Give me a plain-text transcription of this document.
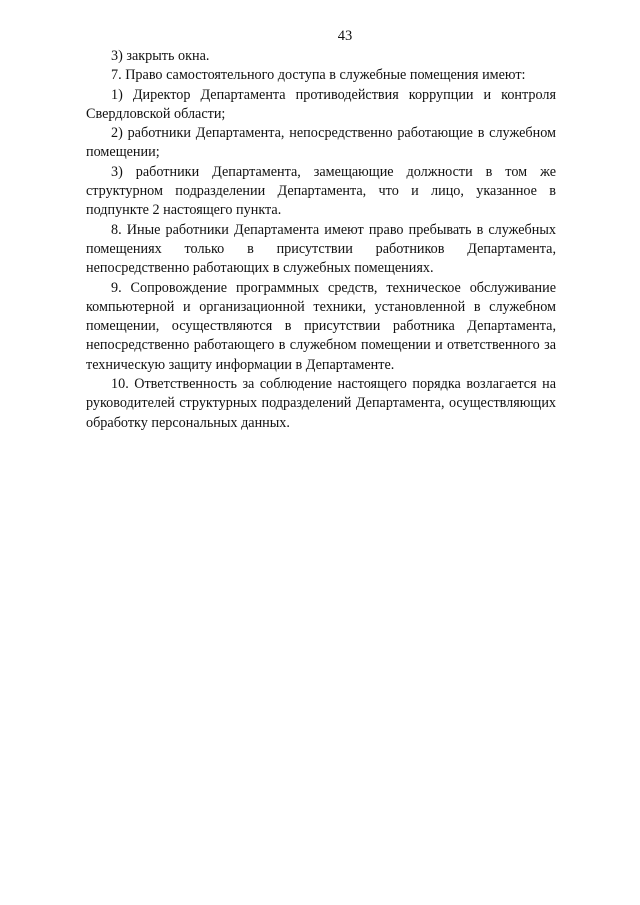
43

3) закрыть окна.

7. Право самостоятельного доступа в служебные помещения имеют:

1) Директор Департамента противодействия коррупции и контроля Свердловской области;

2) работники Департамента, непосредственно работающие в служебном помещении;

3) работники Департамента, замещающие должности в том же структурном подразделении Департамента, что и лицо, указанное в подпункте 2 настоящего пункта.

8. Иные работники Департамента имеют право пребывать в служебных помещениях только в присутствии работников Департамента, непосредственно работающих в служебных помещениях.

9. Сопровождение программных средств, техническое обслуживание компьютерной и организационной техники, установленной в служебном помещении, осуществляются в присутствии работника Департамента, непосредственно работающего в служебном помещении и ответственного за техническую защиту информации в Департаменте.

10. Ответственность за соблюдение настоящего порядка возлагается на руководителей структурных подразделений Департамента, осуществляющих обработку персональных данных.
